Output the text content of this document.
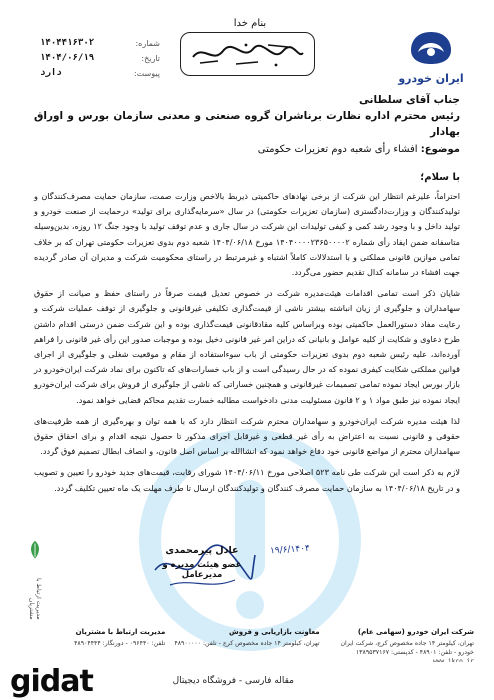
بنام خدا
شماره:
۱۴۰۴۴۱۶۳۰۲
تاریخ:
۱۴۰۴/۰۶/۱۹
پیوست:
دارد	ایران خودرو
جناب آقای سلطانی
رئیس محترم اداره نظارت برناشران گروه صنعتی و معدنی سازمان بورس و اوراق بهادار
موضوع: افشاء رأی شعبه دوم تعزیرات حکومتی
با سلام؛

احتراماً، علیرغم انتظار این شرکت از برخی نهادهای حاکمیتی ذیربط بالاخص وزارت صمت، سازمان حمایت مصرف‌کنندگان و تولیدکنندگان و وزارت‌دادگستری (سازمان تعزیرات حکومتی) در سال «سرمایه‌گذاری برای تولید» درحمایت از صنعت خودرو و تولید داخل و با وجود رشد کمی و کیفی تولیدات این شرکت در سال جاری و عدم توقف تولید با وجود جنگ ۱۲ روزه، بدین‌وسیله متاسفانه ضمن ایفاد رأی شماره ۱۴۰۴۰۰۰۰۲۳۶۵۰۰۰۰۲ مورخ ۱۴۰۴/۰۶/۱۸ شعبه دوم بدوی تعزیرات حکومتی تهران که بر خلاف تمامی موازین قانونی مملکتی و با استدلالات کاملاً اشتباه و غیرمرتبط در راستای محکومیت شرکت و مدیران آن صادر گردیده جهت افشاء در سامانه کدال تقدیم حضور می‌گردد.

شایان ذکر است تمامی اقدامات هیئت‌مدیره شرکت در خصوص تعدیل قیمت صرفاً در راستای حفظ و صیانت از حقوق سهامداران و جلوگیری از زیان انباشته بیشتر ناشی از قیمت‌گذاری تکلیفی غیرقانونی و جلوگیری از توقف عملیات شرکت و رعایت مفاد دستورالعمل حاکمیتی بوده وبراساس کلیه مقادقانونی قیمت‌گذاری بوده و این شرکت ضمن درستی اقدام داشتن طرح دعاوی و شکایت از کلیه عوامل و بانیانی که دراین امر غیر قانونی دخیل بوده و موجبات صدور این رأی غیر قانونی را فراهم آورده‌اند، علیه رئیس شعبه دوم بدوی تعزیرات حکومتی از باب سوءاستفاده از مقام و موقعیت شغلی و جلوگیری از اجرای قوانین مملکتی شکایت کیفری نموده که در حال رسیدگی است و از باب خسارات‌های که تاکنون برای نماد شرکت ایران‌خودرو در بازار بورس ایجاد نموده تمامی تصمیمات غیرقانونی و همچنین خساراتی که ناشی از جلوگیری از فروش برای شرکت ایران‌خودرو ایجاد نموده نیز طبق مواد ۱ و ۲ قانون مسئولیت مدنی دادخواست مطالبه خسارت تقدیم محاکم قضایی خواهد نمود.

لذا هیئت مدیره شرکت ایران‌خودرو و سهامداران محترم شرکت انتظار دارد که با همه توان و بهره‌گیری از همه ظرفیت‌های حقوقی و قانونی نسبت به اعتراض به رأی غیر قطعی و غیرقابل اجرای مذکور تا حصول نتیجه اقدام و برای احقاق حقوق سهامداران محترم از مواضع قانونی خود دفاع خواهد نمود که انشاالله بر اساس اصل قانون، و انصاف ابطال تصمیم فوق گردد.

لازم به ذکر است این شرکت طی نامه ۵۲۳ اصلاحی مورخ ۱۴۰۴/۰۶/۱۱ شورای رقابت، قیمت‌های جدید خودرو را تعیین و تصویب و در تاریخ ۱۴۰۴/۰۶/۱۸ به سازمان حمایت مصرف کنندگان و تولیدکنندگان ارسال تا طرف مهلت یک ماه تعیین تکلیف گردد.

۱۹/۶/۱۴۰۴
عادل پیرمحمدی
عضو هیئت مدیره و مدیرعامل
مدیریت ارتباط با مشتریان
شرکت ایران خودرو (سهامی عام)
تهران، کیلومتر ۱۴ جاده مخصوص کرج، شرکت ایران خودرو - تلفن: ۴۸۹۰۱ - کدپستی: ۱۳۸۹۵۳۷۱۶۷

معاونت بازاریابی و فروش
تهران، کیلومتر ۱۴ جاده مخصوص کرج - تلفن: ۴۸۹۰۰۰۰۰
مدیریت ارتباط با مشتریان
تلفن: ۰۹۶۴۴۰ - دورنگار: ۴۸۹۰۴۴۴۴
gidat	مقاله فارسی - فروشگاه دیجیتال
